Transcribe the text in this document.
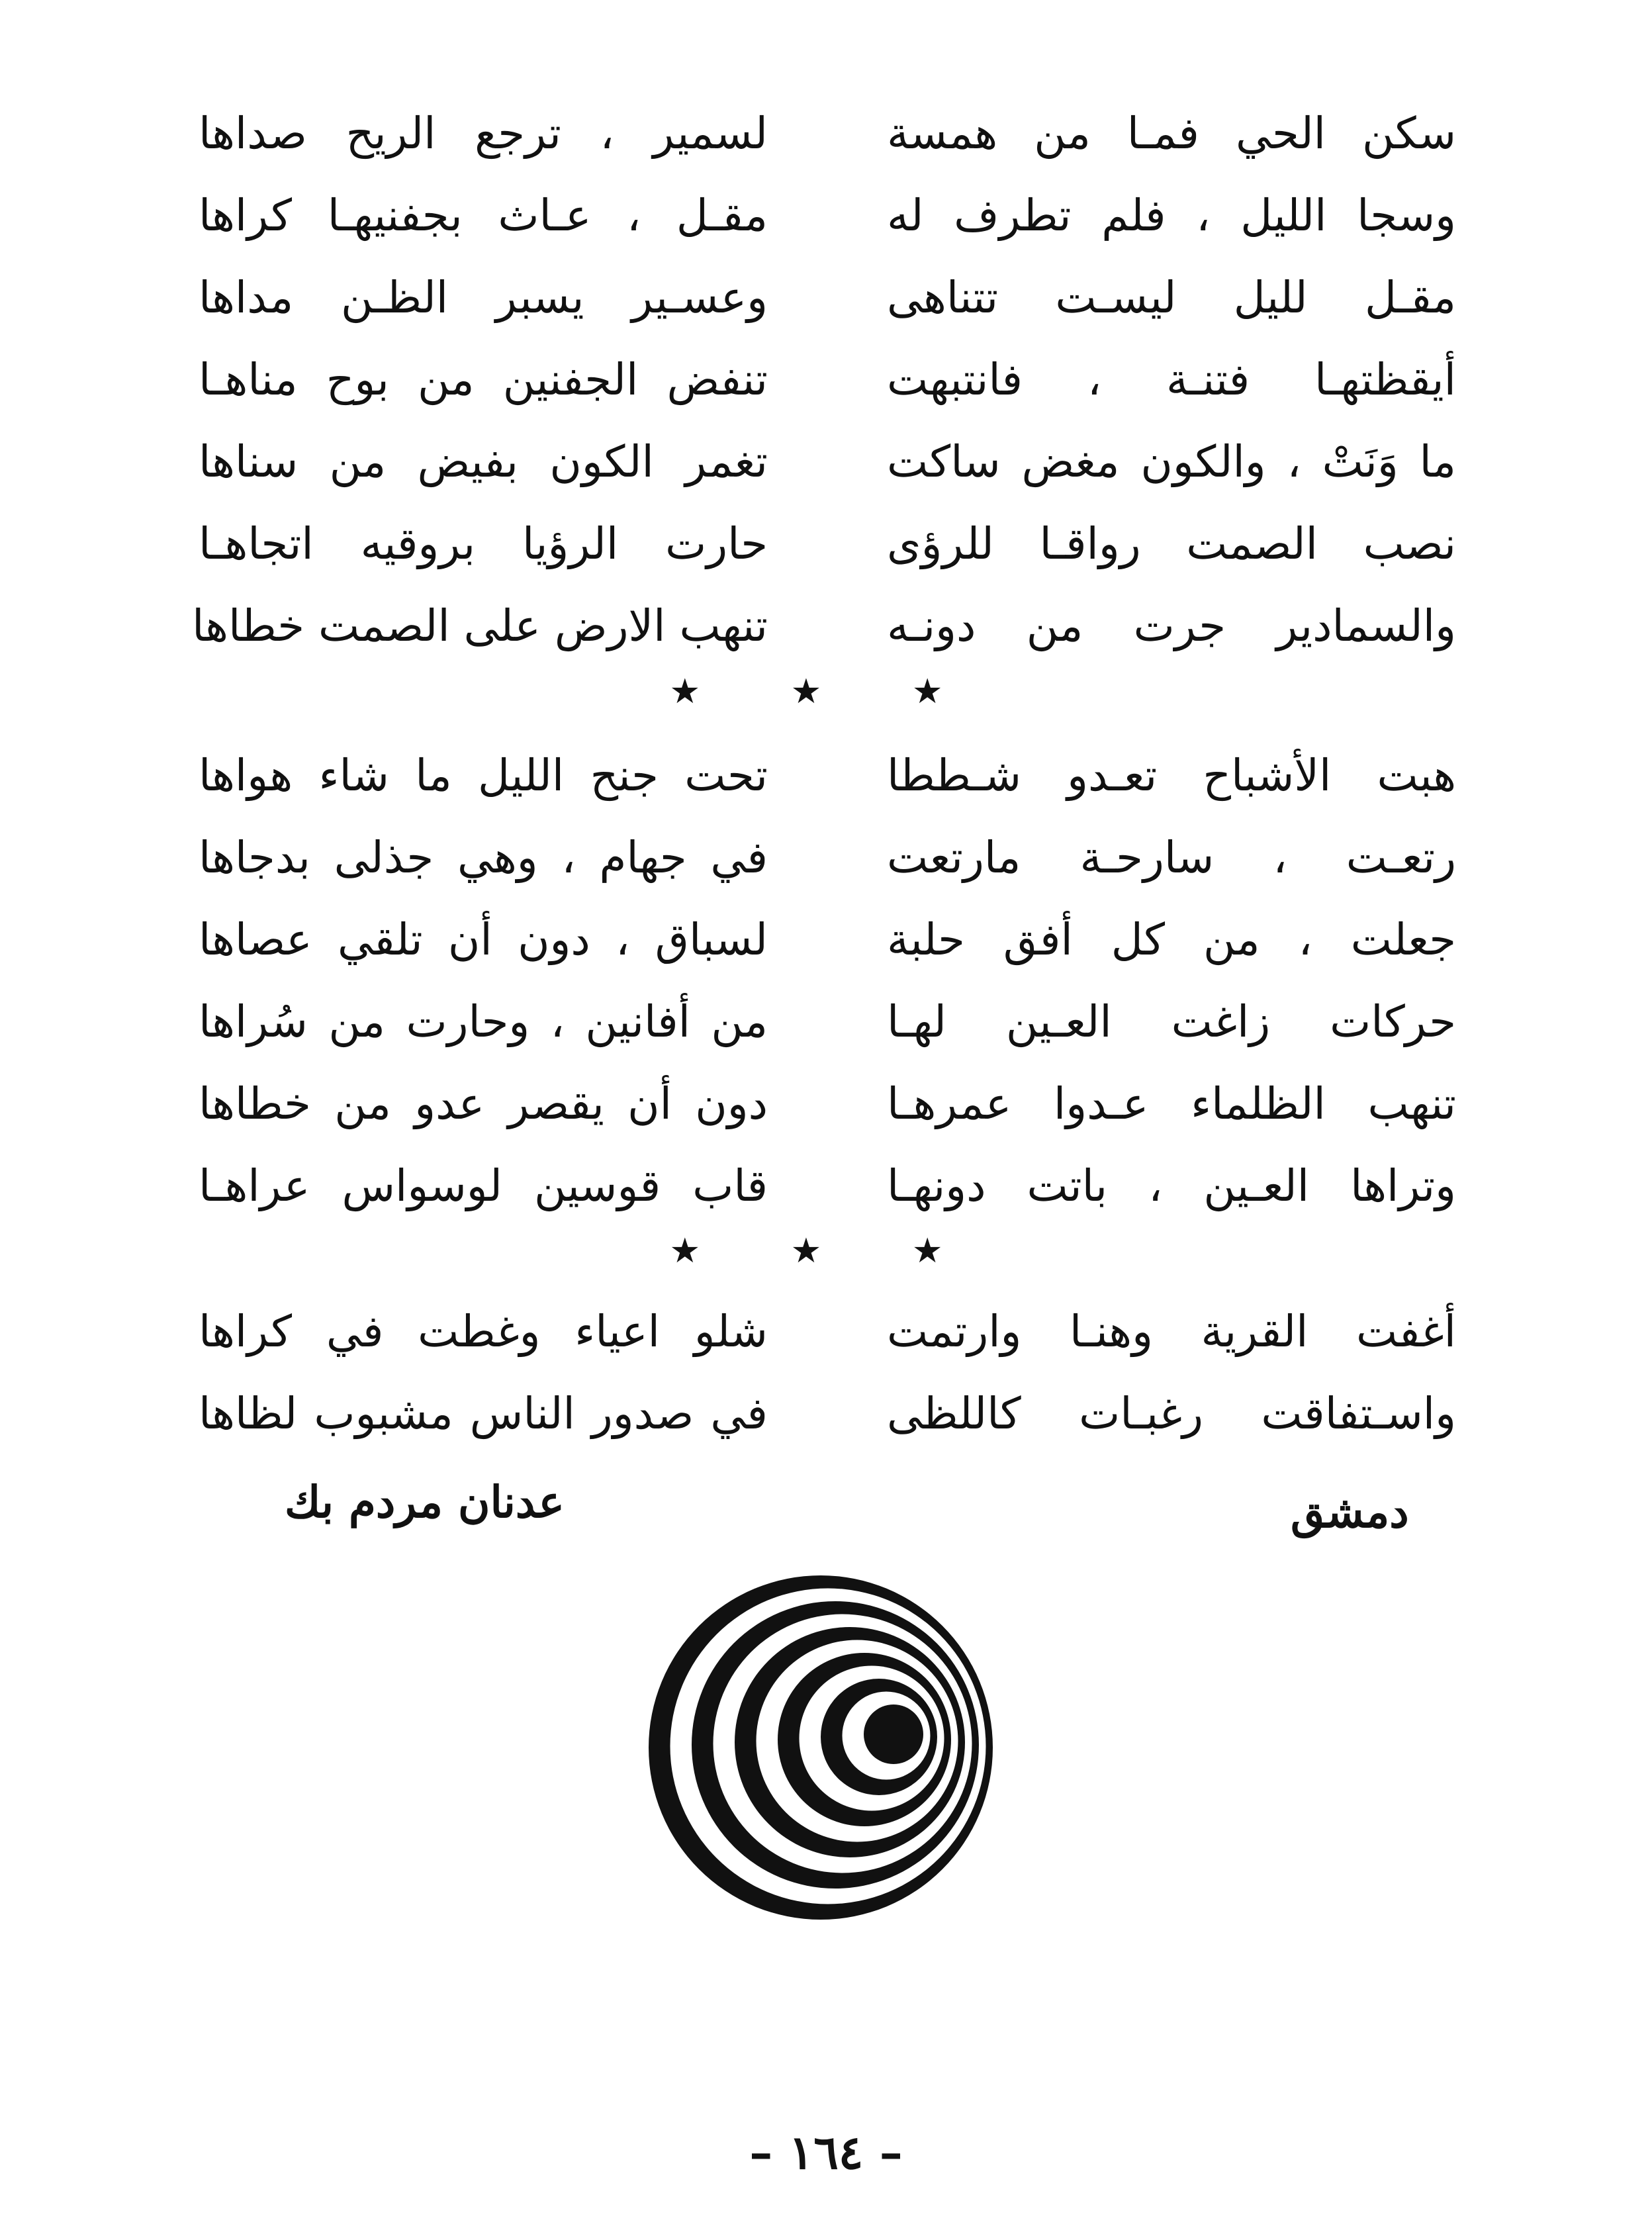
سكن الحي فمـا من همسة
لسمير ، ترجع الريح صداها
وسجا الليل ، فلم تطرف له
مقـل ، عـاث بجفنيهـا كراها
مقـل لليل ليسـت تتناهى
وعسـير يسبر الظـن مداها
أيقظتهـا فتنـة ، فانتبهت
تنفض الجفنين من بوح مناهـا
ما وَنَتْ ، والكون مغض ساكت
تغمر الكون بفيض من سناها
نصب الصمت رواقـا للرؤى
حارت الرؤيا بروقيه اتجاهـا
والسمادير جرت من دونـه
تنهب الارض على الصمت خطاها
★ ★ ★
هبت الأشباح تعـدو شـططا
تحت جنح الليل ما شاء هواها
رتعـت ، سارحـة مارتعت
في جهام ، وهي جذلى بدجاها
جعلت ، من كل أفق حلبة
لسباق ، دون أن تلقي عصاها
حركات زاغت العـين لهـا
من أفانين ، وحارت من سُراها
تنهب الظلماء عـدوا عمرهـا
دون أن يقصر عدو من خطاها
وتراها العـين ، باتت دونهـا
قاب قوسين لوسواس عراهـا
★ ★ ★
أغفت القرية وهنـا وارتمت
شلو اعياء وغطت في كراها
واسـتفاقت رغبـات كاللظى
في صدور الناس مشبوب لظاها
دمشق
عدنان مردم بك
– ١٦٤ –
